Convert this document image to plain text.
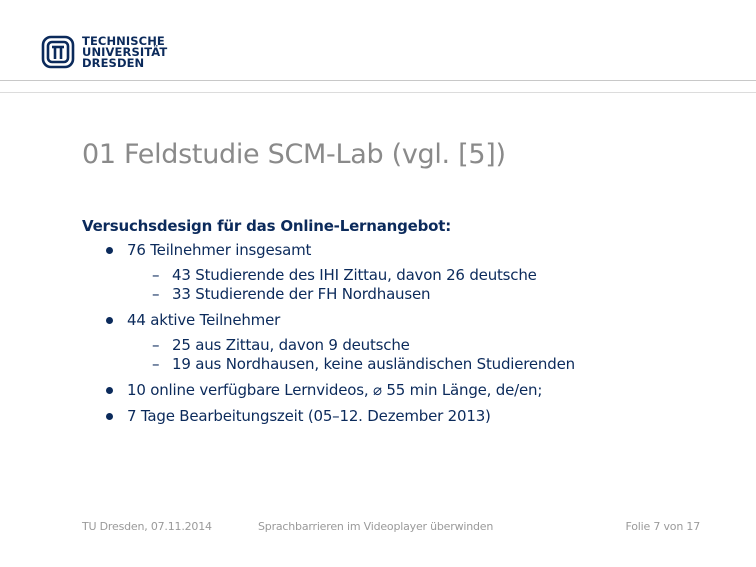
TECHNISCHE
UNIVERSITÄT
DRESDEN
01 Feldstudie SCM-Lab (vgl. [5])

Versuchsdesign für das Online-Lernangebot:

76 Teilnehmer insgesamt
– 43 Studierende des IHI Zittau, davon 26 deutsche
– 33 Studierende der FH Nordhausen
44 aktive Teilnehmer
– 25 aus Zittau, davon 9 deutsche
– 19 aus Nordhausen, keine ausländischen Studierenden
10 online verfügbare Lernvideos, ⌀ 55 min Länge, de/en;
7 Tage Bearbeitungszeit (05–12. Dezember 2013)
TU Dresden, 07.11.2014	Sprachbarrieren im Videoplayer überwinden	Folie 7 von 17
